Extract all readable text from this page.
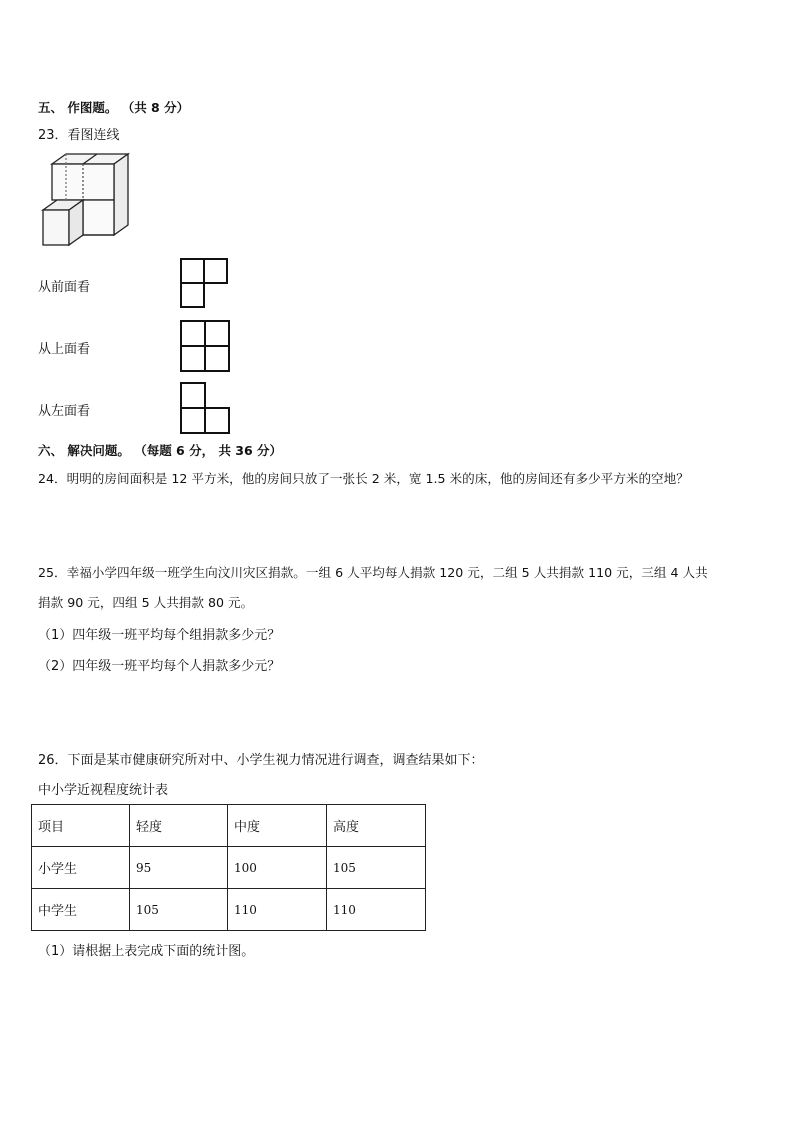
五、 作图题。 （共 8 分）
23．看图连线
从前面看
从上面看
从左面看
六、 解决问题。 （每题 6 分， 共 36 分）
24．明明的房间面积是 12 平方米，他的房间只放了一张长 2 米，宽 1.5 米的床，他的房间还有多少平方米的空地？
25．幸福小学四年级一班学生向汶川灾区捐款。一组 6 人平均每人捐款 120 元，二组 5 人共捐款 110 元，三组 4 人共
捐款 90 元，四组 5 人共捐款 80 元。
（1）四年级一班平均每个组捐款多少元？
（2）四年级一班平均每个人捐款多少元？
26．下面是某市健康研究所对中、小学生视力情况进行调查，调查结果如下：
中小学近视程度统计表
项目	轻度	中度	高度
小学生	95	100	105
中学生	105	110	110
（1）请根据上表完成下面的统计图。
